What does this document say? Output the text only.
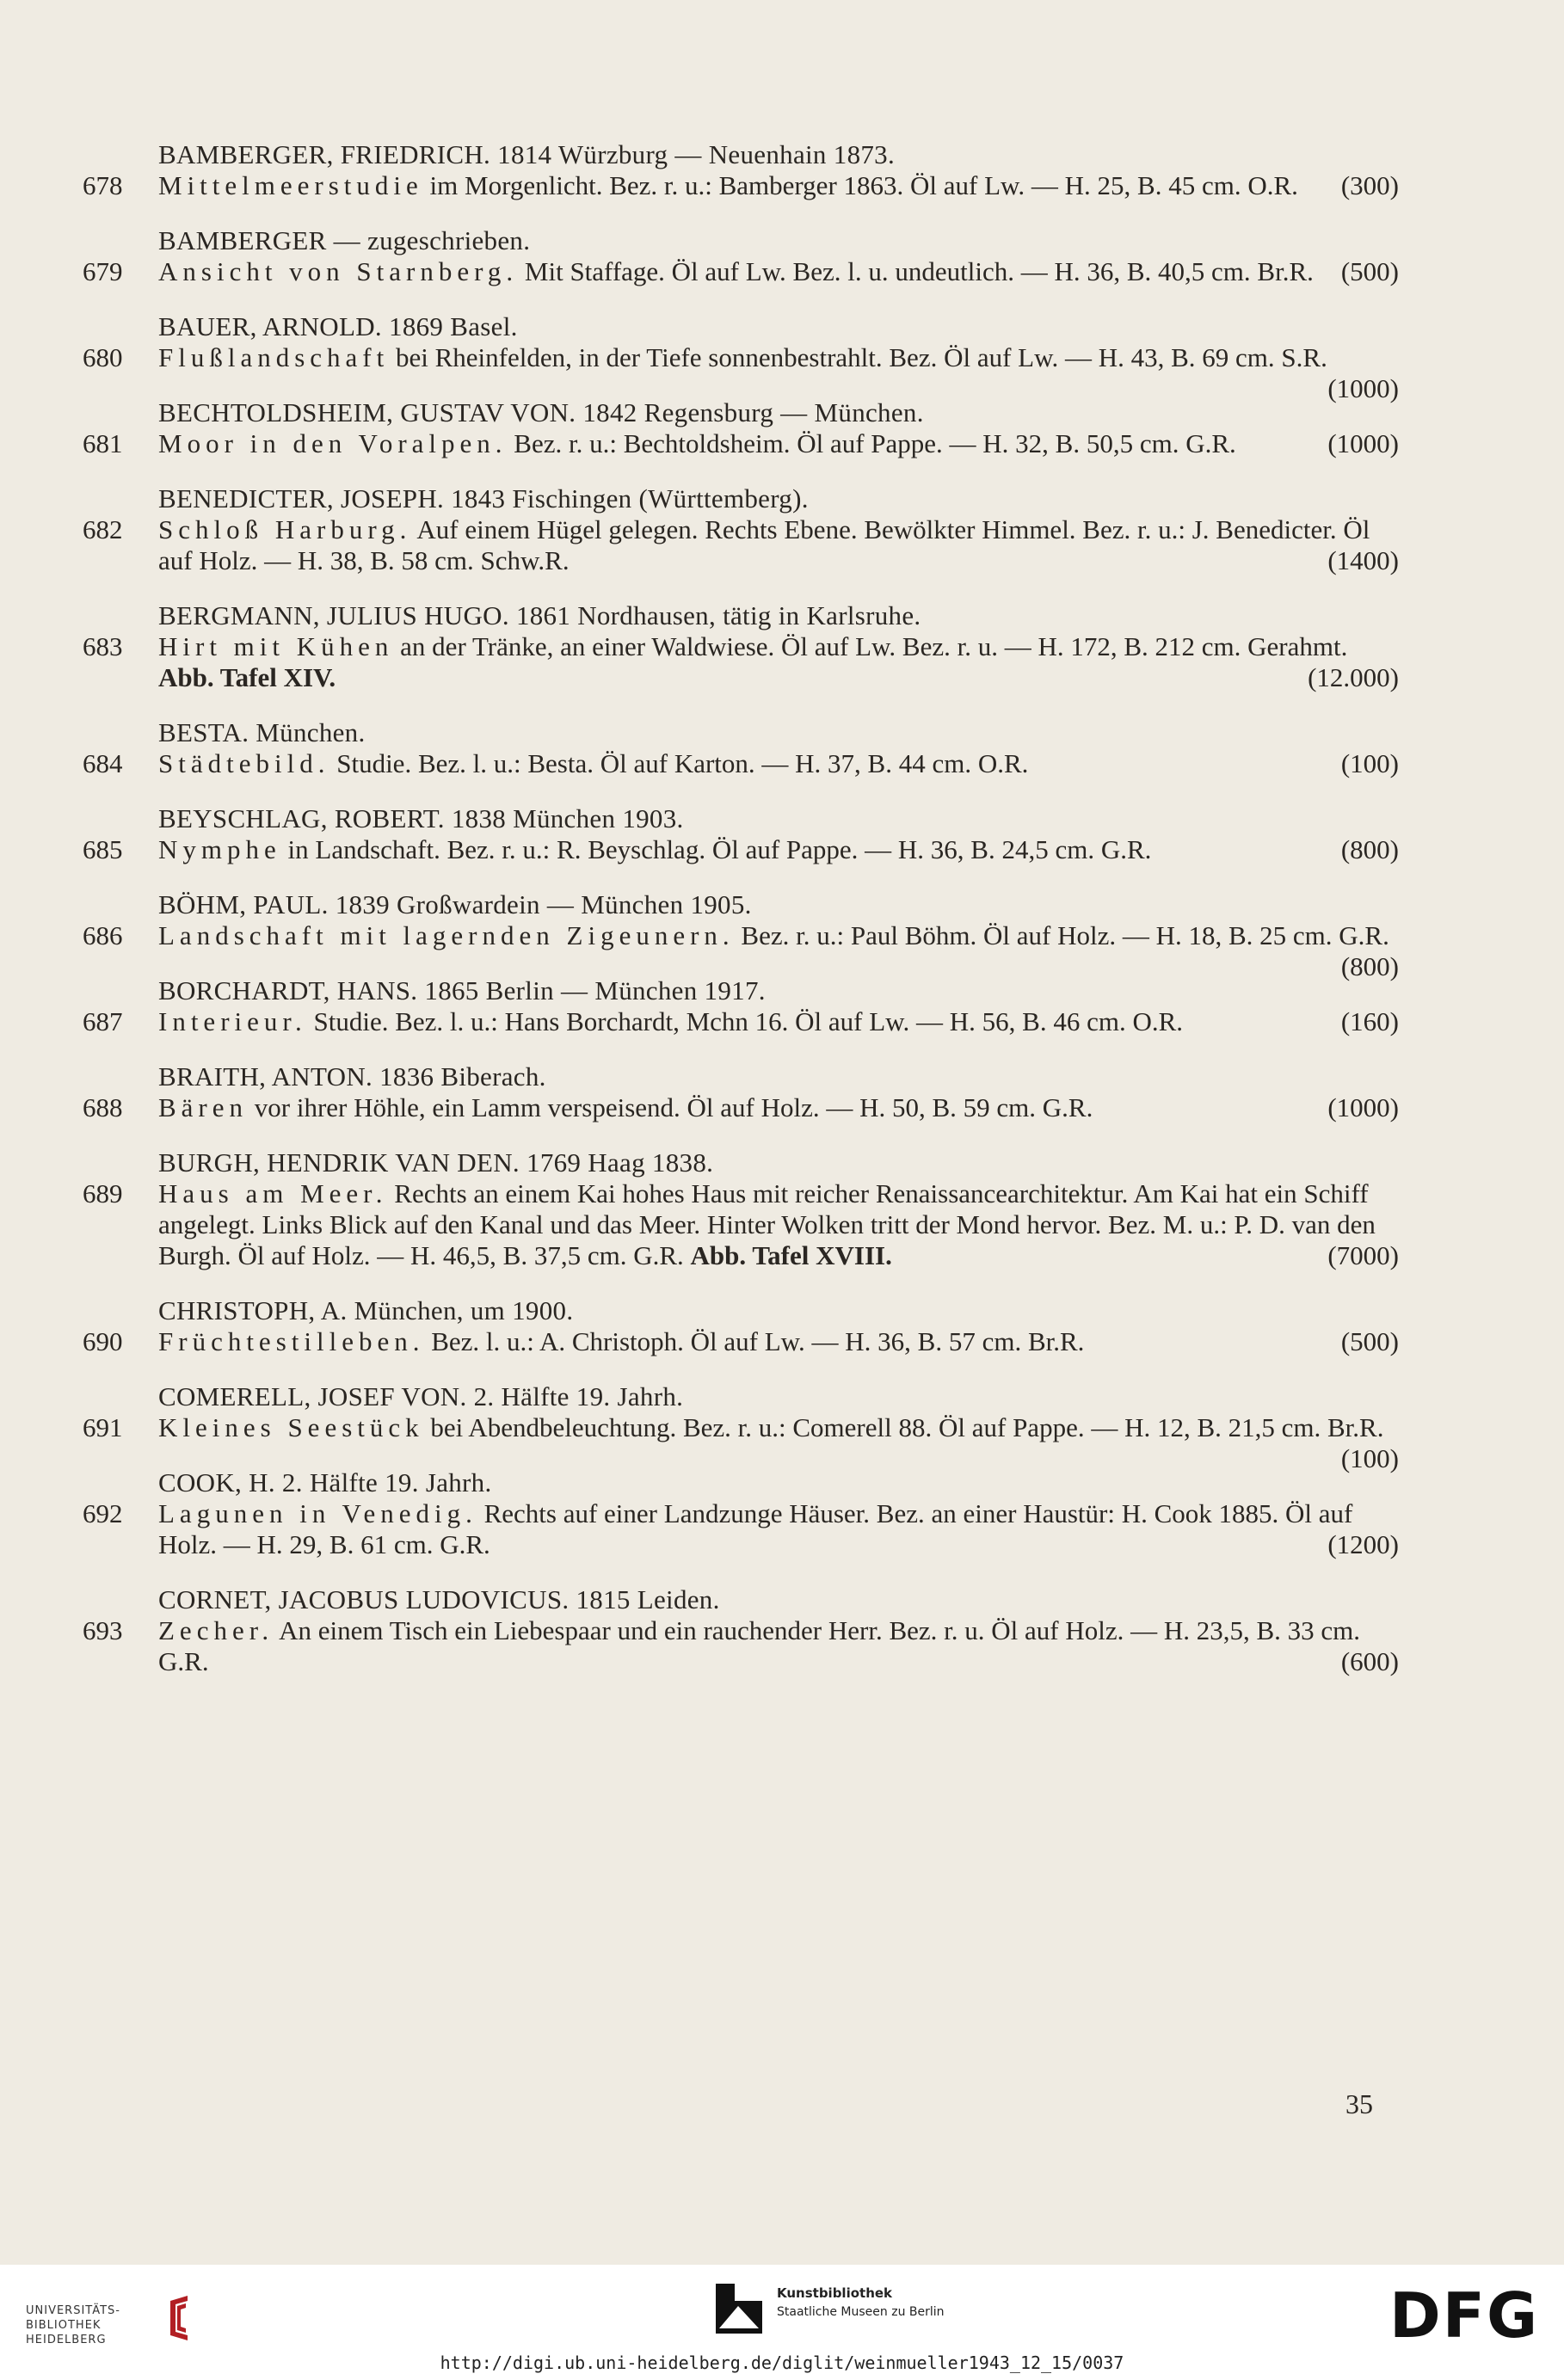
BAMBERGER, FRIEDRICH. 1814 Würzburg — Neuenhain 1873.
678	Mittelmeerstudie im Morgenlicht. Bez. r. u.: Bamberger 1863. Öl auf Lw. — H. 25, B. 45 cm. O.R.	(300)
BAMBERGER — zugeschrieben.
679	Ansicht von Starnberg. Mit Staffage. Öl auf Lw. Bez. l. u. undeutlich. — H. 36, B. 40,5 cm. Br.R.	(500)
BAUER, ARNOLD. 1869 Basel.
680	Flußlandschaft bei Rheinfelden, in der Tiefe sonnenbestrahlt. Bez. Öl auf Lw. — H. 43, B. 69 cm. S.R.
(1000)
BECHTOLDSHEIM, GUSTAV VON. 1842 Regensburg — München.
681	Moor in den Voralpen. Bez. r. u.: Bechtoldsheim. Öl auf Pappe. — H. 32, B. 50,5 cm. G.R.	(1000)
BENEDICTER, JOSEPH. 1843 Fischingen (Württemberg).
682	Schloß Harburg. Auf einem Hügel gelegen. Rechts Ebene. Bewölkter Himmel. Bez. r. u.: J. Benedicter. Öl auf Holz. — H. 38, B. 58 cm. Schw.R.	(1400)
BERGMANN, JULIUS HUGO. 1861 Nordhausen, tätig in Karlsruhe.
683	Hirt mit Kühen an der Tränke, an einer Waldwiese. Öl auf Lw. Bez. r. u. — H. 172, B. 212 cm. Gerahmt. Abb. Tafel XIV.	(12.000)
BESTA. München.
684	Städtebild. Studie. Bez. l. u.: Besta. Öl auf Karton. — H. 37, B. 44 cm. O.R.	(100)
BEYSCHLAG, ROBERT. 1838 München 1903.
685	Nymphe in Landschaft. Bez. r. u.: R. Beyschlag. Öl auf Pappe. — H. 36, B. 24,5 cm. G.R.	(800)
BÖHM, PAUL. 1839 Großwardein — München 1905.
686	Landschaft mit lagernden Zigeunern. Bez. r. u.: Paul Böhm. Öl auf Holz. — H. 18, B. 25 cm. G.R.
(800)
BORCHARDT, HANS. 1865 Berlin — München 1917.
687	Interieur. Studie. Bez. l. u.: Hans Borchardt, Mchn 16. Öl auf Lw. — H. 56, B. 46 cm. O.R.	(160)
BRAITH, ANTON. 1836 Biberach.
688	Bären vor ihrer Höhle, ein Lamm verspeisend. Öl auf Holz. — H. 50, B. 59 cm. G.R.	(1000)
BURGH, HENDRIK VAN DEN. 1769 Haag 1838.
689	Haus am Meer. Rechts an einem Kai hohes Haus mit reicher Renaissancearchitektur. Am Kai hat ein Schiff angelegt. Links Blick auf den Kanal und das Meer. Hinter Wolken tritt der Mond hervor. Bez. M. u.: P. D. van den Burgh. Öl auf Holz. — H. 46,5, B. 37,5 cm. G.R. Abb. Tafel XVIII.	(7000)
CHRISTOPH, A. München, um 1900.
690	Früchtestilleben. Bez. l. u.: A. Christoph. Öl auf Lw. — H. 36, B. 57 cm. Br.R.	(500)
COMERELL, JOSEF VON. 2. Hälfte 19. Jahrh.
691	Kleines Seestück bei Abendbeleuchtung. Bez. r. u.: Comerell 88. Öl auf Pappe. — H. 12, B. 21,5 cm. Br.R.
(100)
COOK, H. 2. Hälfte 19. Jahrh.
692	Lagunen in Venedig. Rechts auf einer Landzunge Häuser. Bez. an einer Haustür: H. Cook 1885. Öl auf Holz. — H. 29, B. 61 cm. G.R.	(1200)
CORNET, JACOBUS LUDOVICUS. 1815 Leiden.
693	Zecher. An einem Tisch ein Liebespaar und ein rauchender Herr. Bez. r. u. Öl auf Holz. — H. 23,5, B. 33 cm. G.R.	(600)
35
UNIVERSITÄTS-
BIBLIOTHEK
HEIDELBERG
Kunstbibliothek
Staatliche Museen zu Berlin	DFG
http://digi.ub.uni-heidelberg.de/diglit/weinmueller1943_12_15/0037
